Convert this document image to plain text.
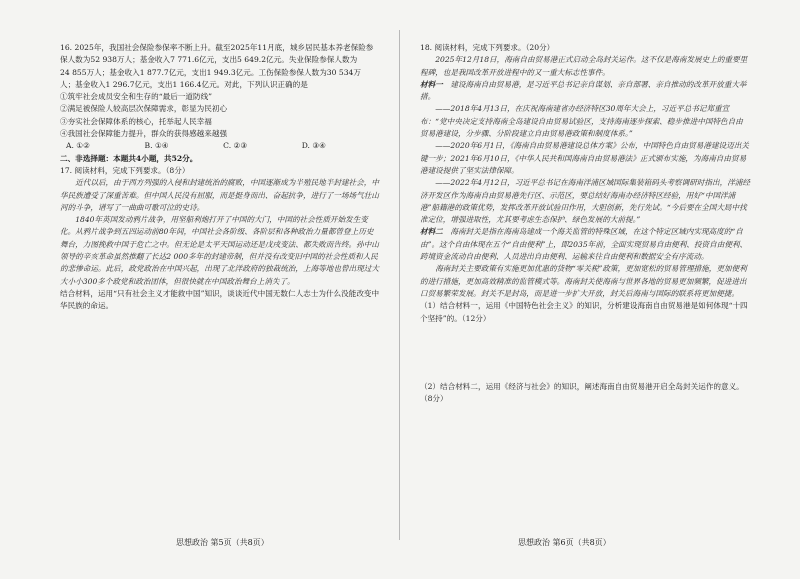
16. 2025年，我国社会保险参保率不断上升。截至2025年11月底，城乡居民基本养老保险参

保人数为52 938万人；基金收入7 771.6亿元，支出5 649.2亿元。失业保险参保人数为

24 855万人；基金收入1 877.7亿元，支出1 949.3亿元。工伤保险参保人数为30 534万

人；基金收入1 296.7亿元，支出1 166.4亿元。对此，下列认识正确的是

①筑牢社会成员安全和生存的“最后一道防线”

②满足被保险人较高层次保障需求，彰显为民初心

③夯实社会保障体系的核心，托举起人民幸福

④我国社会保障能力提升，群众的获得感越来越强

A. ①②	B. ①④	C. ②③	D. ③④

二、非选择题：本题共4小题，共52分。

17. 阅读材料，完成下列要求。（8分）

近代以后，由于西方列强的入侵和封建统治的腐败，中国逐渐成为半殖民地半封建社会，中华民族遭受了深重苦难。但中国人民没有屈服，而是挺身而出、奋起抗争，进行了一场场气壮山河的斗争，谱写了一曲曲可歌可泣的史诗。

1840年英国发动鸦片战争，用坚船利炮打开了中国的大门，中国的社会性质开始发生变化。从鸦片战争到五四运动前80年间，中国社会各阶级、各阶层和各种政治力量都曾登上历史舞台，力图挽救中国于危亡之中。但无论是太平天国运动还是戊戌变法、都失败而告终。孙中山领导的辛亥革命虽然推翻了长达2 000多年的封建帝制，但并没有改变旧中国的社会性质和人民的悲惨命运。此后，政党政治在中国兴起，出现了北洋政府的独裁统治，上海等地也曾出现过大大小小300多个政党和政治团体，但很快就在中国政治舞台上消失了。

结合材料，运用“只有社会主义才能救中国”知识，谈谈近代中国无数仁人志士为什么没能改变中华民族的命运。

思想政治 第5页（共8页）

18. 阅读材料，完成下列要求。（20分）

2025年12月18日，海南自由贸易港正式启动全岛封关运作。这不仅是海南发展史上的重要里程碑，也是我国改革开放进程中的又一重大标志性事件。

材料一　 建设海南自由贸易港，是习近平总书记亲自谋划、亲自部署、亲自推动的改革开放重大举措。

——2018年4月13日，在庆祝海南建省办经济特区30周年大会上，习近平总书记郑重宣布：“党中央决定支持海南全岛建设自由贸易试验区，支持海南逐步探索、稳步推进中国特色自由贸易港建设，分步骤、分阶段建立自由贸易港政策和制度体系。”

——2020年6月1日，《海南自由贸易港建设总体方案》公布，中国特色自由贸易港建设迈出关键一步；2021年6月10日，《中华人民共和国海南自由贸易港法》正式颁布实施，为海南自由贸易港建设提供了坚实法律保障。

——2022年4月12日，习近平总书记在海南洋浦区域国际集装箱码头考察调研时指出，洋浦经济开发区作为海南自由贸易港先行区、示范区，要总结好海南办经济特区经验，用好“中国洋浦港”船籍港的政策优势，发挥改革开放试验田作用，大胆创新，先行先试。“今后要在全国大局中找准定位，增强进取性，尤其要考虑生态保护、绿色发展的大前提。”

材料二　 海南封关是指在海南岛建成一个海关监管的特殊区域，在这个特定区域内实现高度的“自由”。这个自由体现在五个“自由便利”上，即2035年前，全面实现贸易自由便利、投资自由便利、跨境资金流动自由便利、人员进出自由便利、运输来往自由便利和数据安全有序流动。

海南封关主要政策有实施更加优惠的货物“零关税”政策，更加宽松的贸易管理措施，更加便利的进行措施，更加高效精准的监管模式等。海南封关使海南与世界各地的贸易更加频繁，促进进出口贸易繁荣发展。封关不是封岛，而是进一步扩大开放，封关后海南与国际的联系将更加便捷。

（1）结合材料一，运用《中国特色社会主义》的知识，分析建设海南自由贸易港是如何体现“十四个坚持”的。（12分）

（2）结合材料二，运用《经济与社会》的知识，阐述海南自由贸易港开启全岛封关运作的意义。（8分）

思想政治 第6页（共8页）
